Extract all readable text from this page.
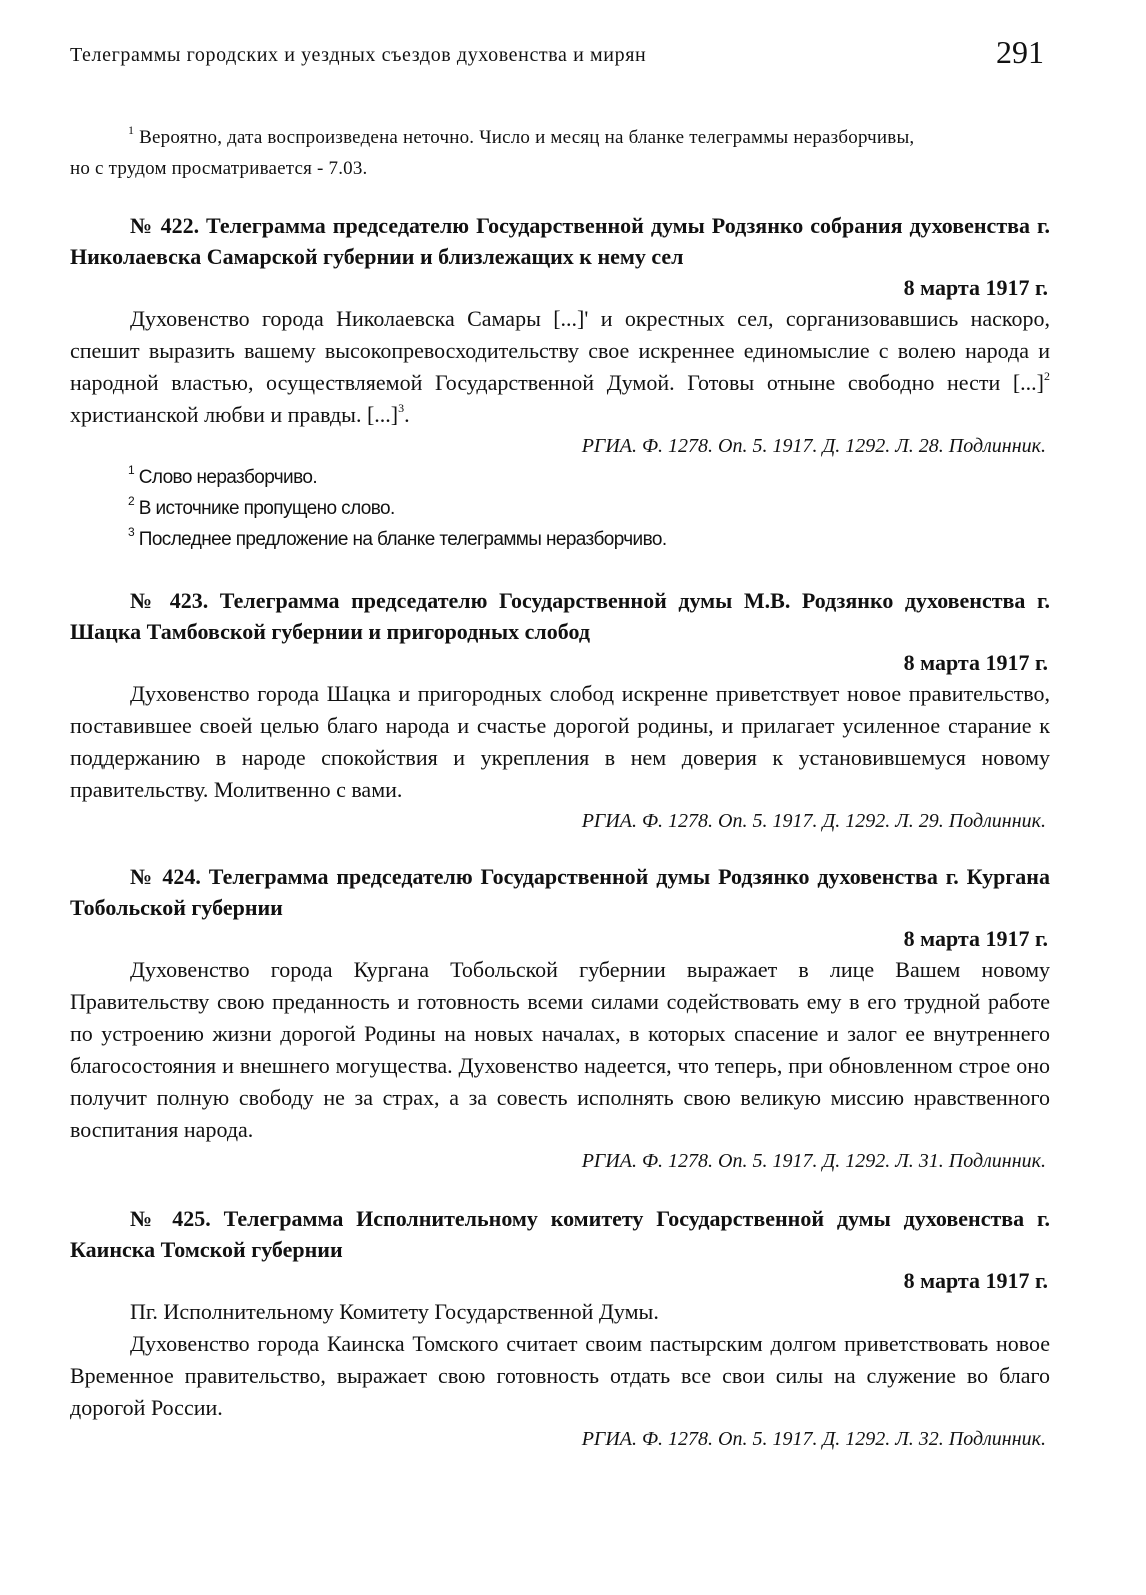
Телеграммы городских и уездных съездов духовенства и мирян	291
$^1$ Вероятно, дата воспроизведена неточно. Число и месяц на бланке телеграммы неразборчивы,
но с трудом просматривается - 7.03.
№ 422. Телеграмма председателю Государственной думы Родзянко собрания духовенства г. Николаевска Самарской губернии и близлежащих к нему сел
8 марта 1917 г.

Духовенство города Николаевска Самары [...]' и окрестных сел, сорганизовавшись наскоро, спешит выразить вашему высокопревосходительству свое искреннее единомыслие с волею народа и народной властью, осуществляемой Государственной Думой. Готовы отныне свободно нести [...]$^2$ христианской любви и правды. [...]$^3$.

РГИА. Ф. 1278. Оп. 5. 1917. Д. 1292. Л. 28. Подлинник.
$^1$ Слово неразборчиво.
$^2$ В источнике пропущено слово.
$^3$ Последнее предложение на бланке телеграммы неразборчиво.
№ 423. Телеграмма председателю Государственной думы М.В. Родзянко духовенства г. Шацка Тамбовской губернии и пригородных слобод
8 марта 1917 г.

Духовенство города Шацка и пригородных слобод искренне приветствует новое правительство, поставившее своей целью благо народа и счастье дорогой родины, и прилагает усиленное старание к поддержанию в народе спокойствия и укрепления в нем доверия к установившемуся новому правительству. Молитвенно с вами.

РГИА. Ф. 1278. Оп. 5. 1917. Д. 1292. Л. 29. Подлинник.
№ 424. Телеграмма председателю Государственной думы Родзянко духовенства г. Кургана Тобольской губернии
8 марта 1917 г.

Духовенство города Кургана Тобольской губернии выражает в лице Вашем новому Правительству свою преданность и готовность всеми силами содействовать ему в его трудной работе по устроению жизни дорогой Родины на новых началах, в которых спасение и залог ее внутреннего благосостояния и внешнего могущества. Духовенство надеется, что теперь, при обновленном строе оно получит полную свободу не за страх, а за совесть исполнять свою великую миссию нравственного воспитания народа.

РГИА. Ф. 1278. Оп. 5. 1917. Д. 1292. Л. 31. Подлинник.
№ 425. Телеграмма Исполнительному комитету Государственной думы духовенства г. Каинска Томской губернии
8 марта 1917 г.

Пг. Исполнительному Комитету Государственной Думы.

Духовенство города Каинска Томского считает своим пастырским долгом приветствовать новое Временное правительство, выражает свою готовность отдать все свои силы на служение во благо дорогой России.

РГИА. Ф. 1278. Оп. 5. 1917. Д. 1292. Л. 32. Подлинник.
